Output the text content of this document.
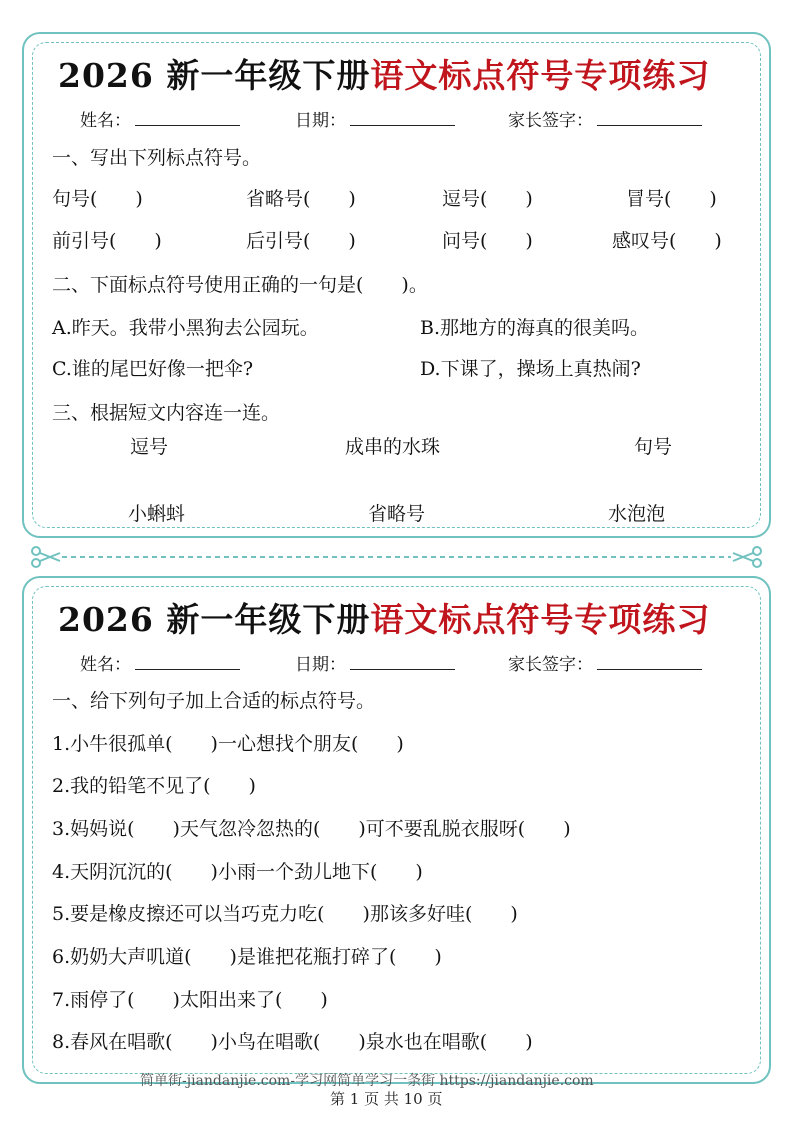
2026 新一年级下册语文标点符号专项练习
姓名：	日期：	家长签字：
一、写出下列标点符号。
句号(　　)	省略号(　　)	逗号(　　)	冒号(　　)
前引号(　　)	后引号(　　)	问号(　　)	感叹号(　　)
二、下面标点符号使用正确的一句是(　　)。
A.昨天。我带小黑狗去公园玩。	B.那地方的海真的很美吗。
C.谁的尾巴好像一把伞?	D.下课了，操场上真热闹?
三、根据短文内容连一连。
逗号	成串的水珠	句号
小蝌蚪	省略号	水泡泡
2026 新一年级下册语文标点符号专项练习
姓名：	日期：	家长签字：
一、给下列句子加上合适的标点符号。
1.小牛很孤单(　　)一心想找个朋友(　　)
2.我的铅笔不见了(　　)
3.妈妈说(　　)天气忽冷忽热的(　　)可不要乱脱衣服呀(　　)
4.天阴沉沉的(　　)小雨一个劲儿地下(　　)
5.要是橡皮擦还可以当巧克力吃(　　)那该多好哇(　　)
6.奶奶大声叽道(　　)是谁把花瓶打碎了(　　)
7.雨停了(　　)太阳出来了(　　)
8.春风在唱歌(　　)小鸟在唱歌(　　)泉水也在唱歌(　　)
简单街-jiandanjie.com-学习网简单学习一条街 https://jiandanjie.com
第 1 页 共 10 页
